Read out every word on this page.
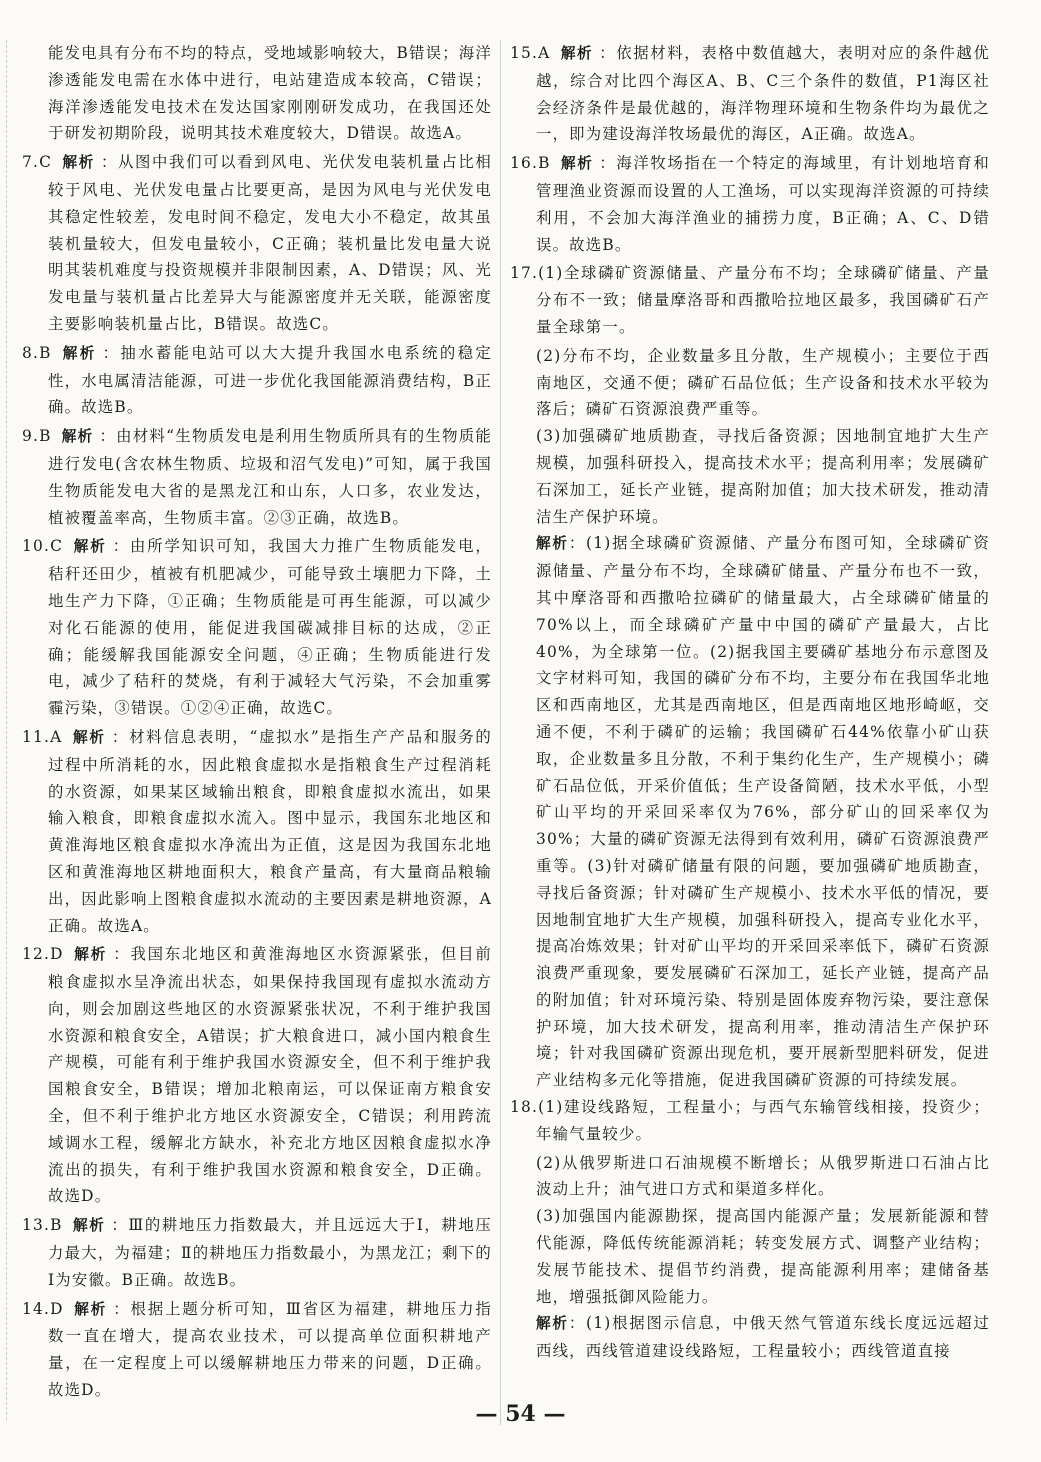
能发电具有分布不均的特点，受地域影响较大，B错误；海洋渗透能发电需在水体中进行，电站建造成本较高，C错误；海洋渗透能发电技术在发达国家刚刚研发成功，在我国还处于研发初期阶段，说明其技术难度较大，D错误。故选A。

7.C 解析 ：从图中我们可以看到风电、光伏发电装机量占比相较于风电、光伏发电量占比要更高，是因为风电与光伏发电其稳定性较差，发电时间不稳定，发电大小不稳定，故其虽装机量较大，但发电量较小，C正确；装机量比发电量大说明其装机难度与投资规模并非限制因素，A、D错误；风、光发电量与装机量占比差异大与能源密度并无关联，能源密度主要影响装机量占比，B错误。故选C。

8.B 解析 ：抽水蓄能电站可以大大提升我国水电系统的稳定性，水电属清洁能源，可进一步优化我国能源消费结构，B正确。故选B。

9.B 解析 ：由材料“生物质发电是利用生物质所具有的生物质能进行发电(含农林生物质、垃圾和沼气发电)”可知，属于我国生物质能发电大省的是黑龙江和山东，人口多，农业发达，植被覆盖率高，生物质丰富。②③正确，故选B。

10.C 解析 ：由所学知识可知，我国大力推广生物质能发电，秸秆还田少，植被有机肥减少，可能导致土壤肥力下降，土地生产力下降，①正确；生物质能是可再生能源，可以减少对化石能源的使用，能促进我国碳减排目标的达成，②正确；能缓解我国能源安全问题，④正确；生物质能进行发电，减少了秸秆的焚烧，有利于减轻大气污染，不会加重雾霾污染，③错误。①②④正确，故选C。

11.A 解析 ：材料信息表明，“虚拟水”是指生产产品和服务的过程中所消耗的水，因此粮食虚拟水是指粮食生产过程消耗的水资源，如果某区域输出粮食，即粮食虚拟水流出，如果输入粮食，即粮食虚拟水流入。图中显示，我国东北地区和黄淮海地区粮食虚拟水净流出为正值，这是因为我国东北地区和黄淮海地区耕地面积大，粮食产量高，有大量商品粮输出，因此影响上图粮食虚拟水流动的主要因素是耕地资源，A正确。故选A。

12.D 解析 ：我国东北地区和黄淮海地区水资源紧张，但目前粮食虚拟水呈净流出状态，如果保持我国现有虚拟水流动方向，则会加剧这些地区的水资源紧张状况，不利于维护我国水资源和粮食安全，A错误；扩大粮食进口，减小国内粮食生产规模，可能有利于维护我国水资源安全，但不利于维护我国粮食安全，B错误；增加北粮南运，可以保证南方粮食安全，但不利于维护北方地区水资源安全，C错误；利用跨流域调水工程，缓解北方缺水，补充北方地区因粮食虚拟水净流出的损失，有利于维护我国水资源和粮食安全，D正确。故选D。

13.B 解析 ：Ⅲ的耕地压力指数最大，并且远远大于Ⅰ，耕地压力最大，为福建；Ⅱ的耕地压力指数最小，为黑龙江；剩下的Ⅰ为安徽。B正确。故选B。

14.D 解析 ：根据上题分析可知，Ⅲ省区为福建，耕地压力指数一直在增大，提高农业技术，可以提高单位面积耕地产量，在一定程度上可以缓解耕地压力带来的问题，D正确。故选D。

15.A 解析 ：依据材料，表格中数值越大，表明对应的条件越优越，综合对比四个海区A、B、C三个条件的数值，P1海区社会经济条件是最优越的，海洋物理环境和生物条件均为最优之一，即为建设海洋牧场最优的海区，A正确。故选A。

16.B 解析 ：海洋牧场指在一个特定的海域里，有计划地培育和管理渔业资源而设置的人工渔场，可以实现海洋资源的可持续利用，不会加大海洋渔业的捕捞力度，B正确；A、C、D错误。故选B。

17.(1)全球磷矿资源储量、产量分布不均；全球磷矿储量、产量分布不一致；储量摩洛哥和西撒哈拉地区最多，我国磷矿石产量全球第一。

(2)分布不均，企业数量多且分散，生产规模小；主要位于西南地区，交通不便；磷矿石品位低；生产设备和技术水平较为落后；磷矿石资源浪费严重等。

(3)加强磷矿地质勘查，寻找后备资源；因地制宜地扩大生产规模，加强科研投入，提高技术水平；提高利用率；发展磷矿石深加工，延长产业链，提高附加值；加大技术研发，推动清洁生产保护环境。

解析：(1)据全球磷矿资源储、产量分布图可知，全球磷矿资源储量、产量分布不均，全球磷矿储量、产量分布也不一致，其中摩洛哥和西撒哈拉磷矿的储量最大，占全球磷矿储量的70%以上，而全球磷矿产量中中国的磷矿产量最大，占比40%，为全球第一位。(2)据我国主要磷矿基地分布示意图及文字材料可知，我国的磷矿分布不均，主要分布在我国华北地区和西南地区，尤其是西南地区，但是西南地区地形崎岖，交通不便，不利于磷矿的运输；我国磷矿石44%依靠小矿山获取，企业数量多且分散，不利于集约化生产，生产规模小；磷矿石品位低，开采价值低；生产设备简陋，技术水平低，小型矿山平均的开采回采率仅为76%，部分矿山的回采率仅为30%；大量的磷矿资源无法得到有效利用，磷矿石资源浪费严重等。(3)针对磷矿储量有限的问题，要加强磷矿地质勘查，寻找后备资源；针对磷矿生产规模小、技术水平低的情况，要因地制宜地扩大生产规模，加强科研投入，提高专业化水平，提高冶炼效果；针对矿山平均的开采回采率低下，磷矿石资源浪费严重现象，要发展磷矿石深加工，延长产业链，提高产品的附加值；针对环境污染、特别是固体废弃物污染，要注意保护环境，加大技术研发，提高利用率，推动清洁生产保护环境；针对我国磷矿资源出现危机，要开展新型肥料研发，促进产业结构多元化等措施，促进我国磷矿资源的可持续发展。

18.(1)建设线路短，工程量小；与西气东输管线相接，投资少；年输气量较少。

(2)从俄罗斯进口石油规模不断增长；从俄罗斯进口石油占比波动上升；油气进口方式和渠道多样化。

(3)加强国内能源勘探，提高国内能源产量；发展新能源和替代能源，降低传统能源消耗；转变发展方式、调整产业结构；发展节能技术、提倡节约消费，提高能源利用率；建储备基地，增强抵御风险能力。

解析：(1)根据图示信息，中俄天然气管道东线长度远远超过西线，西线管道建设线路短，工程量较小；西线管道直接

— 54 —
